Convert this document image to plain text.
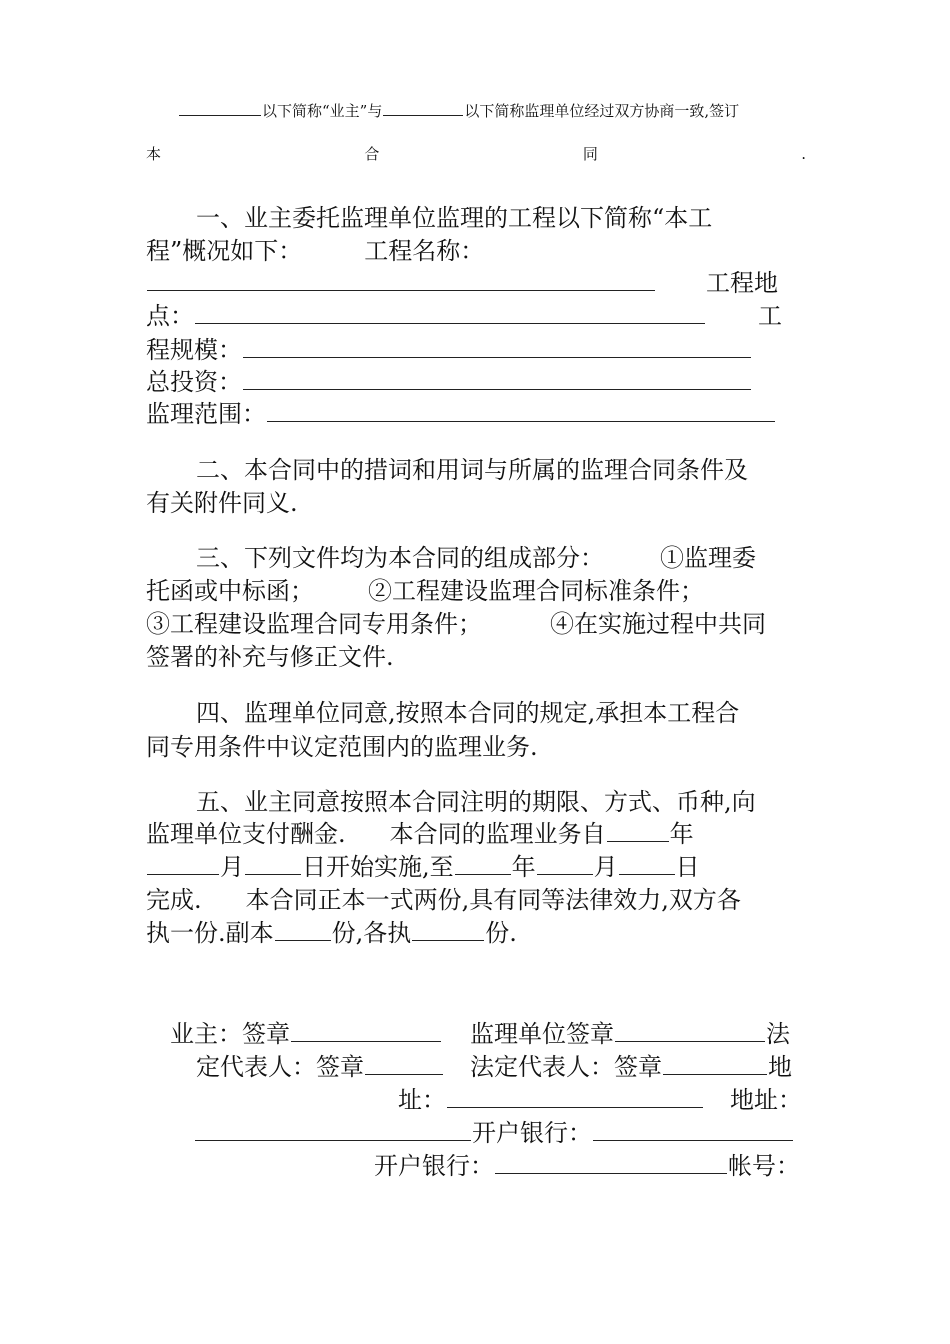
以下简称“业主”与	以下简称监理单位经过双方协商一致,签订
本	合	同	.
一、业主委托监理单位监理的工程以下简称“本工
程”概况如下：	工程名称：
工程地
点：	工
程规模：
总投资：
监理范围：
二、本合同中的措词和用词与所属的监理合同条件及
有关附件同义.
三、下列文件均为本合同的组成部分： ①监理委
托函或中标函； ②工程建设监理合同标准条件；
③工程建设监理合同专用条件；	④在实施过程中共同
签署的补充与修正文件.
四、监理单位同意,按照本合同的规定,承担本工程合
同专用条件中议定范围内的监理业务.
五、业主同意按照本合同注明的期限、方式、币种,向
监理单位支付酬金. 本合同的监理业务自	年
月 日开始实施,至 年 月 日
完成. 本合同正本一式两份,具有同等法律效力,双方各
执一份.副本 份,各执	份.
业主：签章	监理单位签章	法
定代表人：签章	法定代表人：签章	地
址：	地址：
开户银行：
开户银行：	帐号：
